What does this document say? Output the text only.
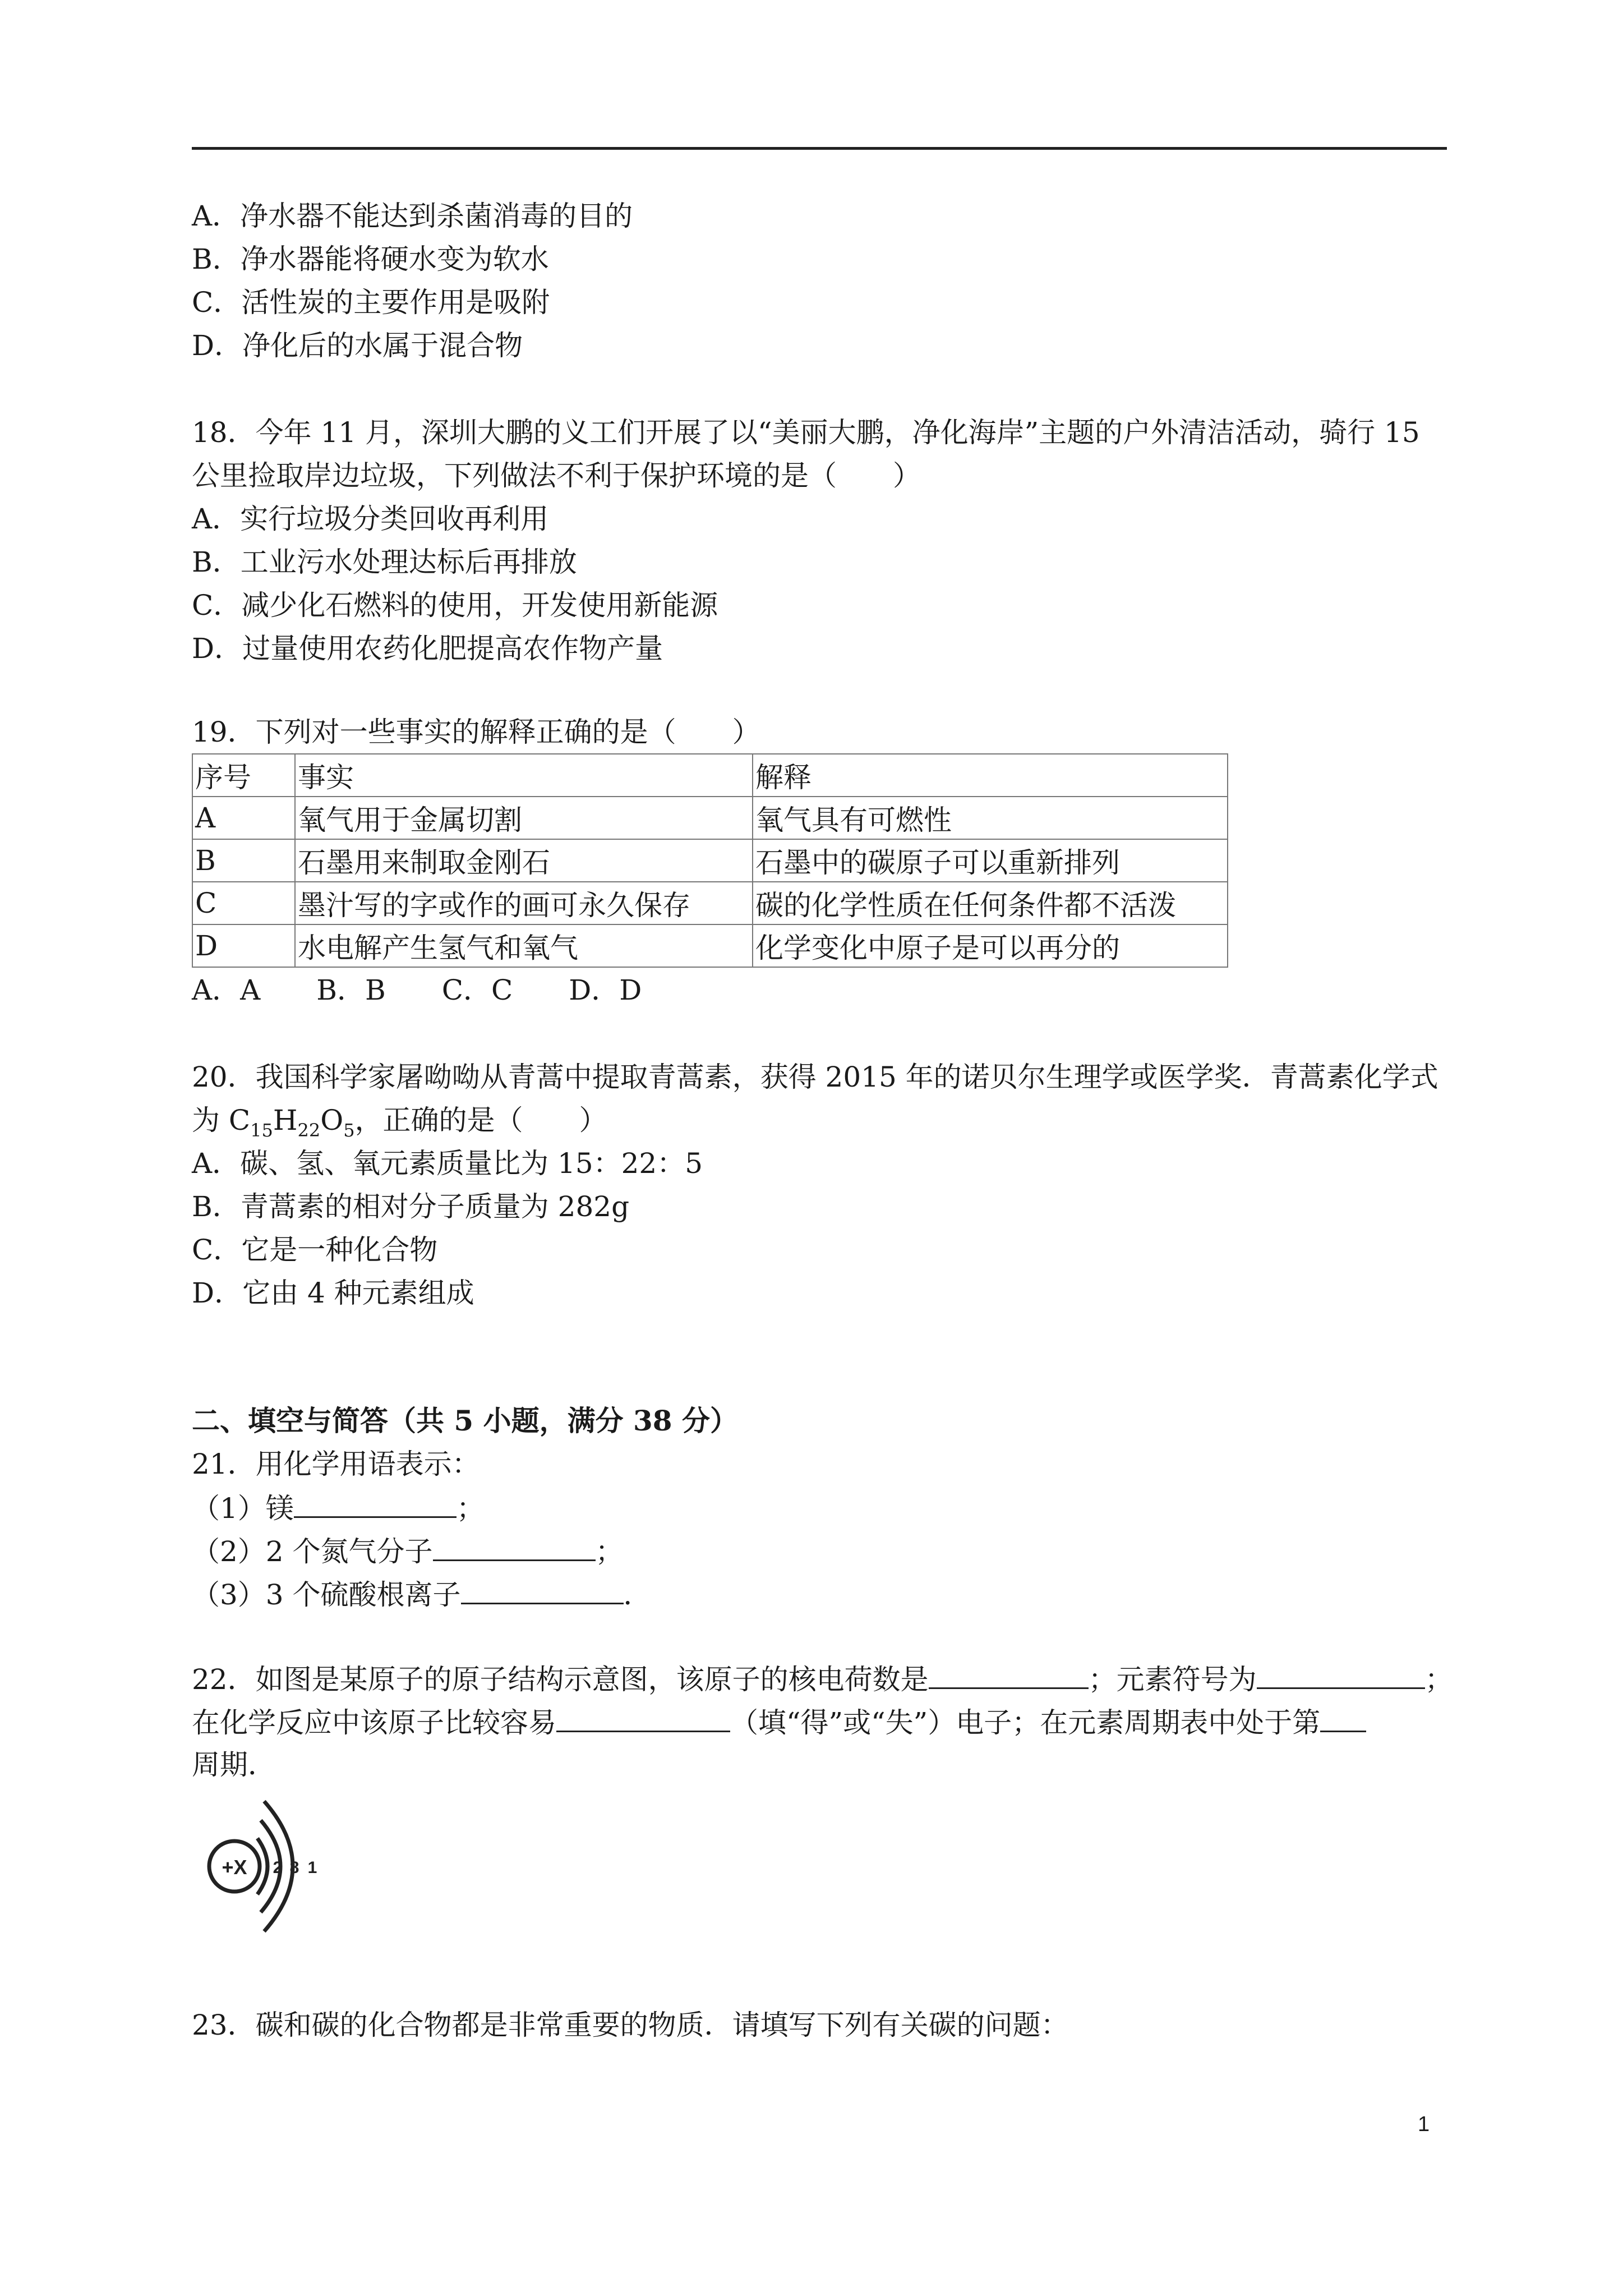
A．净水器不能达到杀菌消毒的目的
B．净水器能将硬水变为软水
C．活性炭的主要作用是吸附
D．净化后的水属于混合物
18．今年 11 月，深圳大鹏的义工们开展了以“美丽大鹏，净化海岸”主题的户外清洁活动，骑行 15
公里捡取岸边垃圾，下列做法不利于保护环境的是（　　）
A．实行垃圾分类回收再利用
B．工业污水处理达标后再排放
C．减少化石燃料的使用，开发使用新能源
D．过量使用农药化肥提高农作物产量
19．下列对一些事实的解释正确的是（　　）
序号	事实	解释
A	氧气用于金属切割	氧气具有可燃性
B	石墨用来制取金刚石	石墨中的碳原子可以重新排列
C	墨汁写的字或作的画可永久保存	碳的化学性质在任何条件都不活泼
D	水电解产生氢气和氧气	化学变化中原子是可以再分的
A．A　　B．B　　C．C　　D．D
20．我国科学家屠呦呦从青蒿中提取青蒿素，获得 2015 年的诺贝尔生理学或医学奖．青蒿素化学式
为 $C_{15}H_{22}O_5$，正确的是（　　）
A．碳、氢、氧元素质量比为 15：22：5
B．青蒿素的相对分子质量为 282g
C．它是一种化合物
D．它由 4 种元素组成
二、填空与简答（共 5 小题，满分 38 分）
21．用化学用语表示：
（1）镁	；
（2）2 个氮气分子	；
（3）3 个硫酸根离子	．
22．如图是某原子的原子结构示意图，该原子的核电荷数是	；元素符号为	；
在化学反应中该原子比较容易	（填“得”或“失”）电子；在元素周期表中处于第
周期．
+X 2 8 1
23．碳和碳的化合物都是非常重要的物质．请填写下列有关碳的问题：
1
